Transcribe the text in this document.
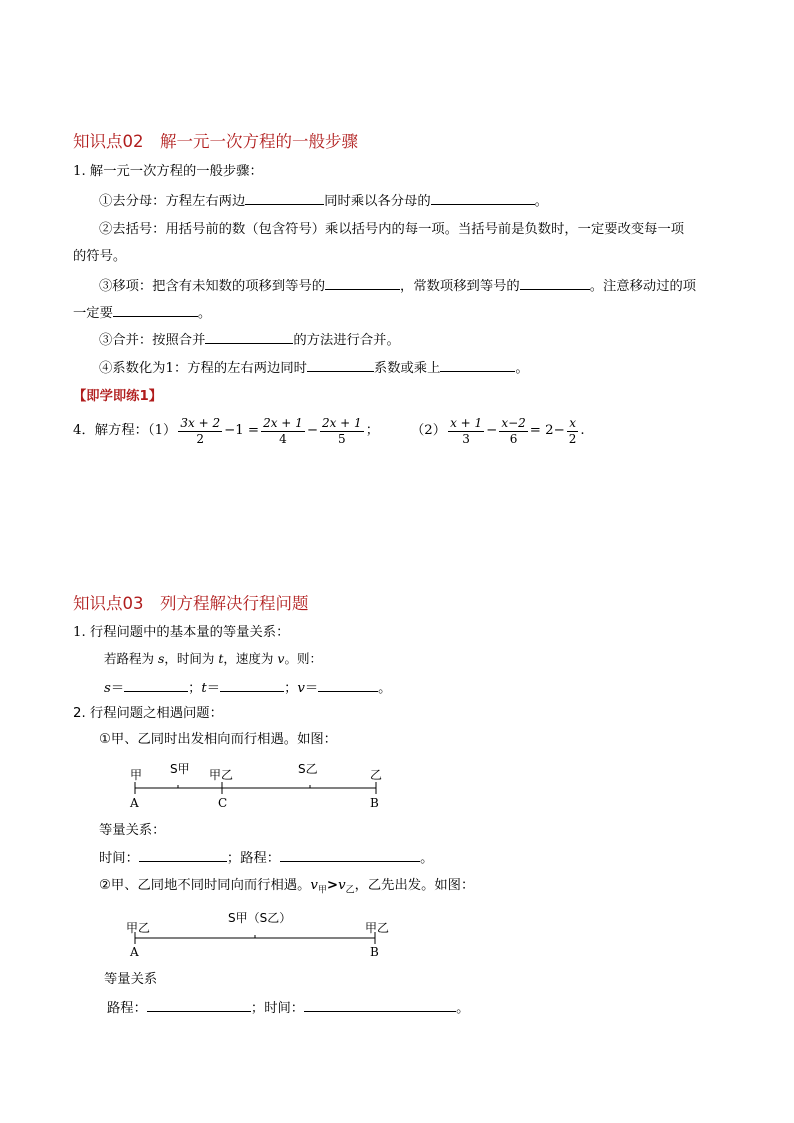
知识点02　解一元一次方程的一般步骤
1. 解一元一次方程的一般步骤：
①去分母：方程左右两边	同时乘以各分母的	。
②去括号：用括号前的数（包含符号）乘以括号内的每一项。当括号前是负数时，一定要改变每一项
的符号。
③移项：把含有未知数的项移到等号的	，常数项移到等号的	。注意移动过的项
一定要	。
③合并：按照合并	的方法进行合并。
④系数化为1：方程的左右两边同时	系数或乘上	。
【即学即练1】
4．解方程：$(1) \frac{3x + 2}{2} -1 = \frac{2x + 1}{4} - \frac{2x + 1}{5}$ ； $(2) \frac{x + 1}{3} - \frac{x-2}{6} = 2- \frac{x}{2}$ .
知识点03　列方程解决行程问题
1. 行程问题中的基本量的等量关系：
若路程为 s，时间为 t，速度为 v。则：
s＝	；t＝	；v＝	。
2. 行程问题之相遇问题：
①甲、乙同时出发相向而行相遇。如图：
甲 S甲 甲乙	S乙	乙
A	C	B
等量关系：
时间：	；路程：	。
②甲、乙同地不同时同向而行相遇。$v_甲>v_乙$，乙先出发。如图：
甲乙
S甲（S乙）
甲乙
A	B
等量关系
路程：	；时间：	。
